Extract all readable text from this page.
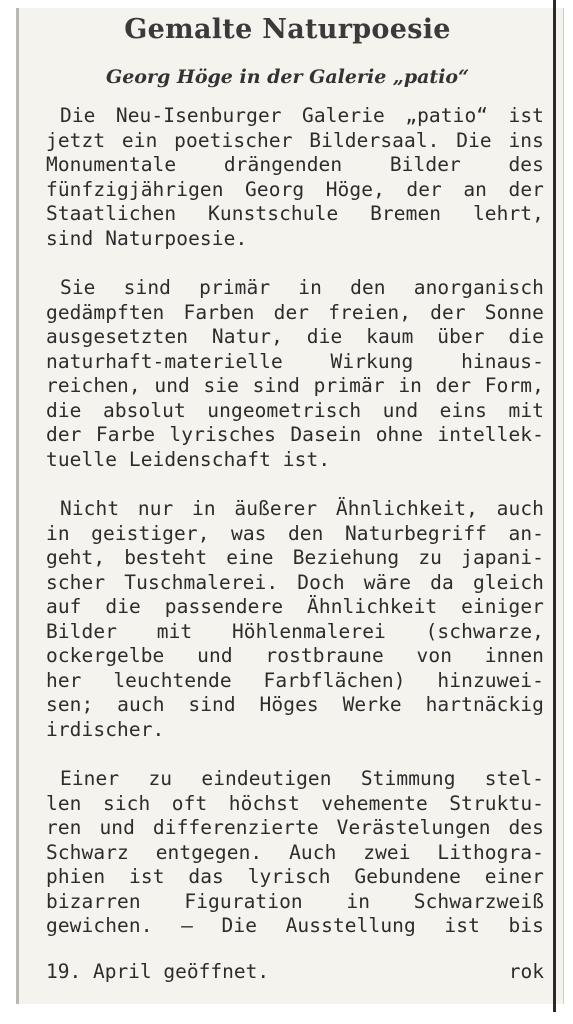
Gemalte Naturpoesie
Georg Höge in der Galerie „patio“
Die Neu-Isenburger Galerie „patio“ ist
jetzt ein poetischer Bildersaal. Die ins
Monumentale drängenden Bilder des
fünfzigjährigen Georg Höge, der an der
Staatlichen Kunstschule Bremen lehrt,
sind Naturpoesie.
Sie sind primär in den anorganisch
gedämpften Farben der freien, der Sonne
ausgesetzten Natur, die kaum über die
naturhaft-materielle Wirkung hinaus-
reichen, und sie sind primär in der Form,
die absolut ungeometrisch und eins mit
der Farbe lyrisches Dasein ohne intellek-
tuelle Leidenschaft ist.
Nicht nur in äußerer Ähnlichkeit, auch
in geistiger, was den Naturbegriff an-
geht, besteht eine Beziehung zu japani-
scher Tuschmalerei. Doch wäre da gleich
auf die passendere Ähnlichkeit einiger
Bilder mit Höhlenmalerei (schwarze,
ockergelbe und rostbraune von innen
her leuchtende Farbflächen) hinzuwei-
sen; auch sind Höges Werke hartnäckig
irdischer.
Einer zu eindeutigen Stimmung stel-
len sich oft höchst vehemente Struktu-
ren und differenzierte Verästelungen des
Schwarz entgegen. Auch zwei Lithogra-
phien ist das lyrisch Gebundene einer
bizarren Figuration in Schwarzweiß
gewichen. — Die Ausstellung ist bis
19. April geöffnet.	rok
